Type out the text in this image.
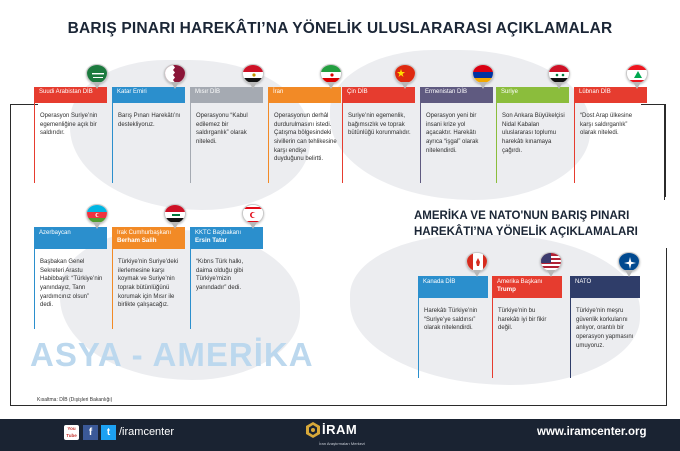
BARIŞ PINARI HAREKÂTI’NA YÖNELİK ULUSLARARASI AÇIKLAMALAR
Suudi Arabistan DİB
Operasyon Suriye’nin egemenliğine açık bir saldırıdır.
Katar Emiri
Barış Pınarı Harekâtı’nı destekliyoruz.
Mısır DİB
Operasyonu “Kabul edilemez bir saldırganlık” olarak niteledi.
İran
Operasyonun derhâl durdurulmasını istedi. Çatışma bölgesindeki sivillerin can tehlikesine karşı endişe duyduğunu belirtti.
Çin DİB
Suriye’nin egemenlik, bağımsızlık ve toprak bütünlüğü korunmalıdır.
Ermenistan DİB
Operasyon yeni bir insani krize yol açacaktır. Harekâtı ayrıca “işgal” olarak nitelendirdi.
Suriye
Son Ankara Büyükelçisi Nidal Kabalan uluslararası toplumu harekâtı kınamaya çağırdı.
Lübnan DİB
“Dost Arap ülkesine karşı saldırganlık” olarak niteledi.
Azerbaycan
Başbakan Genel Sekreteri Arastu Habibbayli: “Türkiye’nin yanındayız, Tanrı yardımcınız olsun” dedi.
Irak Cumhurbaşkanı
Berham Salih
Türkiye’nin Suriye’deki ilerlemesine karşı koymak ve Suriye’nin toprak bütünlüğünü korumak için Mısır ile birlikte çalışacağız.
KKTC Başbakanı
Ersin Tatar
“Kıbrıs Türk halkı, daima olduğu gibi Türkiye’mizin yanındadır” dedi.
AMERİKA VE NATO'NUN BARIŞ PINARI
HAREKÂTI’NA YÖNELİK AÇIKLAMALARI
Kanada DİB
Harekâtı Türkiye’nin “Suriye’ye saldırısı” olarak nitelendirdi.
Amerika Başkanı
Trump
Türkiye’nin bu harekâtı iyi bir fikir değil.
NATO
Türkiye’nin meşru güvenlik korkularını anlıyor, orantılı bir operasyon yapmasını umuyoruz.
ASYA - AMERİKA
Kısaltma: DİB (Dışişleri Bakanlığı)
You Tube	f	t /iramcenter	İRAM
İran Araştırmaları Merkezi
www.iramcenter.org
